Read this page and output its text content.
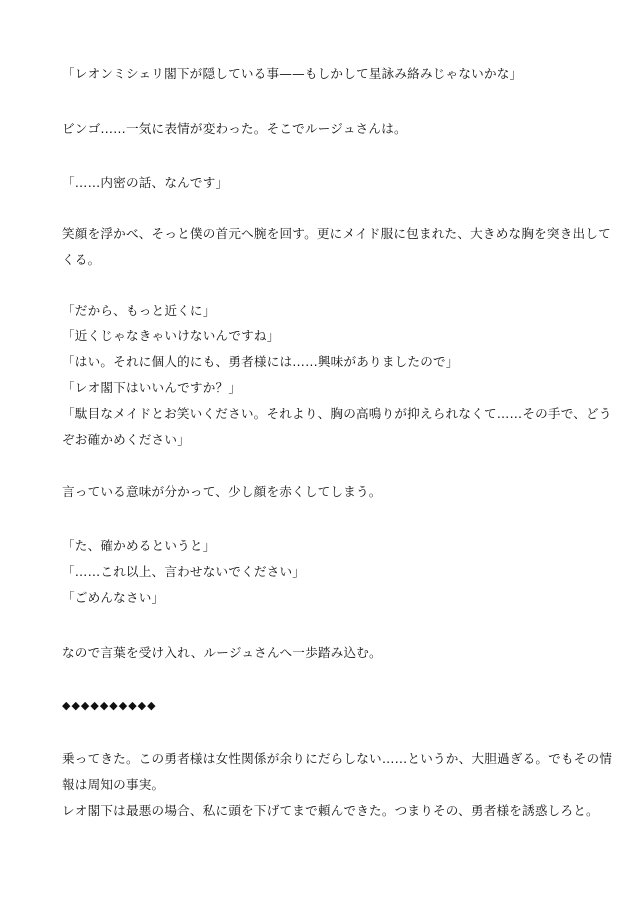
「レオンミシェリ閣下が隠している事——もしかして星詠み絡みじゃないかな」
ビンゴ……一気に表情が変わった。そこでルージュさんは。
「……内密の話、なんです」
笑顔を浮かべ、そっと僕の首元へ腕を回す。更にメイド服に包まれた、大きめな胸を突き出して
くる。
「だから、もっと近くに」
「近くじゃなきゃいけないんですね」
「はい。それに個人的にも、勇者様には……興味がありましたので」
「レオ閣下はいいんですか？」
「駄目なメイドとお笑いください。それより、胸の高鳴りが抑えられなくて……その手で、どう
ぞお確かめください」
言っている意味が分かって、少し顔を赤くしてしまう。
「た、確かめるというと」
「……これ以上、言わせないでください」
「ごめんなさい」
なので言葉を受け入れ、ルージュさんへ一歩踏み込む。
◆◆◆◆◆◆◆◆◆◆
乗ってきた。この勇者様は女性関係が余りにだらしない……というか、大胆過ぎる。でもその情
報は周知の事実。
レオ閣下は最悪の場合、私に頭を下げてまで頼んできた。つまりその、勇者様を誘惑しろと。
